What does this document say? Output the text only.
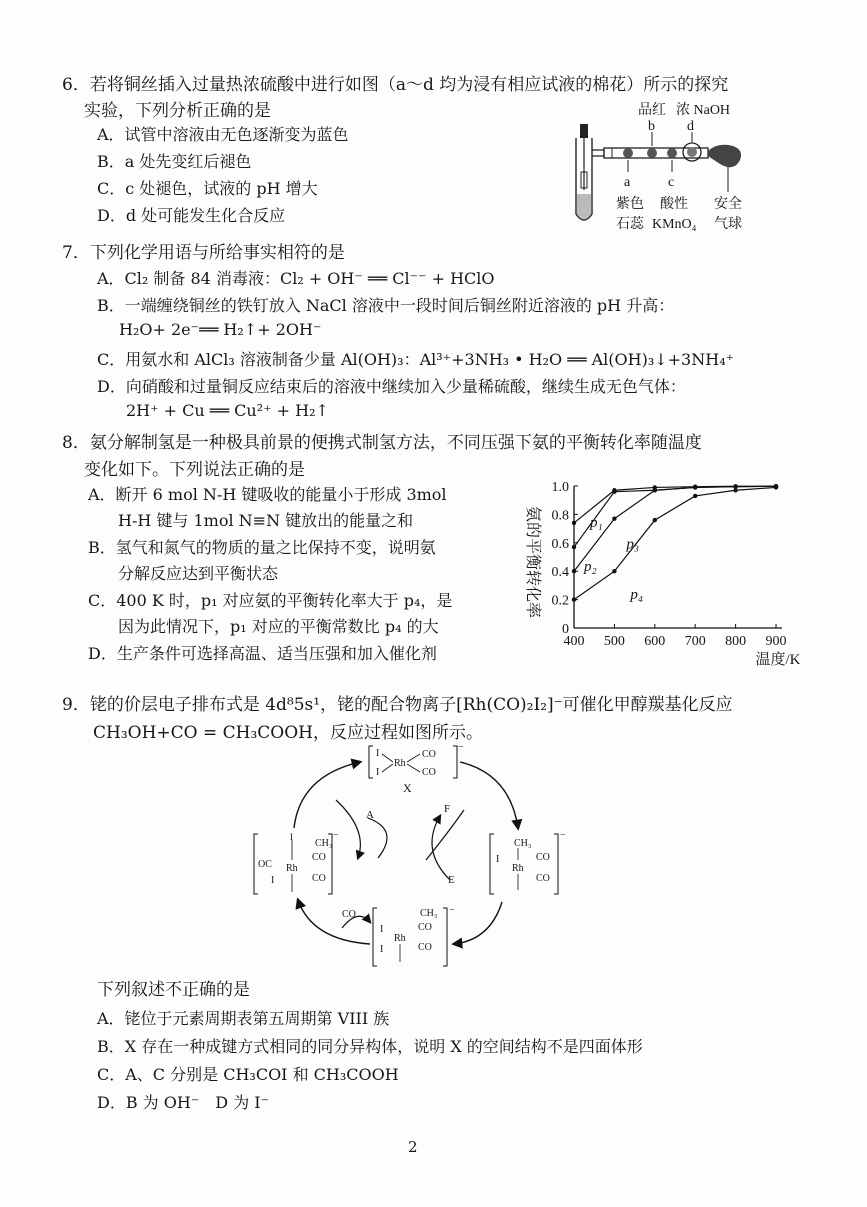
6．若将铜丝插入过量热浓硫酸中进行如图（a～d 均为浸有相应试液的棉花）所示的探究
实验，下列分析正确的是
A．试管中溶液由无色逐渐变为蓝色
B．a 处先变红后褪色
C．c 处褪色，试液的 pH 增大
D．d 处可能发生化合反应
品红 浓 NaOH
b d
a	c
紫色 酸性 安全
石蕊 KMnO₄ 气球
7．下列化学用语与所给事实相符的是
A．Cl₂ 制备 84 消毒液：Cl₂ + OH⁻ ══ Cl⁻⁻ + HClO
B．一端缠绕铜丝的铁钉放入 NaCl 溶液中一段时间后铜丝附近溶液的 pH 升高：
H₂O+ 2e⁻══ H₂↑+ 2OH⁻
C．用氨水和 AlCl₃ 溶液制备少量 Al(OH)₃：Al³⁺+3NH₃ • H₂O ══ Al(OH)₃↓+3NH₄⁺
D．向硝酸和过量铜反应结束后的溶液中继续加入少量稀硫酸，继续生成无色气体：
2H⁺ + Cu ══ Cu²⁺ + H₂↑
8．氨分解制氢是一种极具前景的便携式制氢方法，不同压强下氨的平衡转化率随温度
变化如下。下列说法正确的是
A．断开 6 mol N-H 键吸收的能量小于形成 3mol
H-H 键与 1mol N≡N 键放出的能量之和
B．氢气和氮气的物质的量之比保持不变，说明氨
分解反应达到平衡状态
C．400 K 时，p₁ 对应氨的平衡转化率大于 p₄，是
因为此情况下，p₁ 对应的平衡常数比 p₄ 的大
D．生产条件可选择高温、适当压强和加入催化剂
氨的平衡转化率
0
0.2
0.4
0.6
0.8
1.0
400 500 600 700 800 900
p₁
p₂
p₃
p₄
温度/K
9．铑的价层电子排布式是 4d⁸5s¹，铑的配合物离子[Rh(CO)₂I₂]⁻可催化甲醇羰基化反应
CH₃OH+CO = CH₃COOH，反应过程如图所示。
I
I
Rh
CO
CO
−
X
−
OC
I
Rh
CH₃
CO
CO
I	−
CH₃
I
Rh
CO
CO
−
CH₃
CO
I
Rh
I	CO
A	F
E
CO
下列叙述不正确的是
A．铑位于元素周期表第五周期第 VIII 族
B．X 存在一种成键方式相同的同分异构体，说明 X 的空间结构不是四面体形
C．A、C 分别是 CH₃COI 和 CH₃COOH
D．B 为 OH⁻　D 为 I⁻
2
